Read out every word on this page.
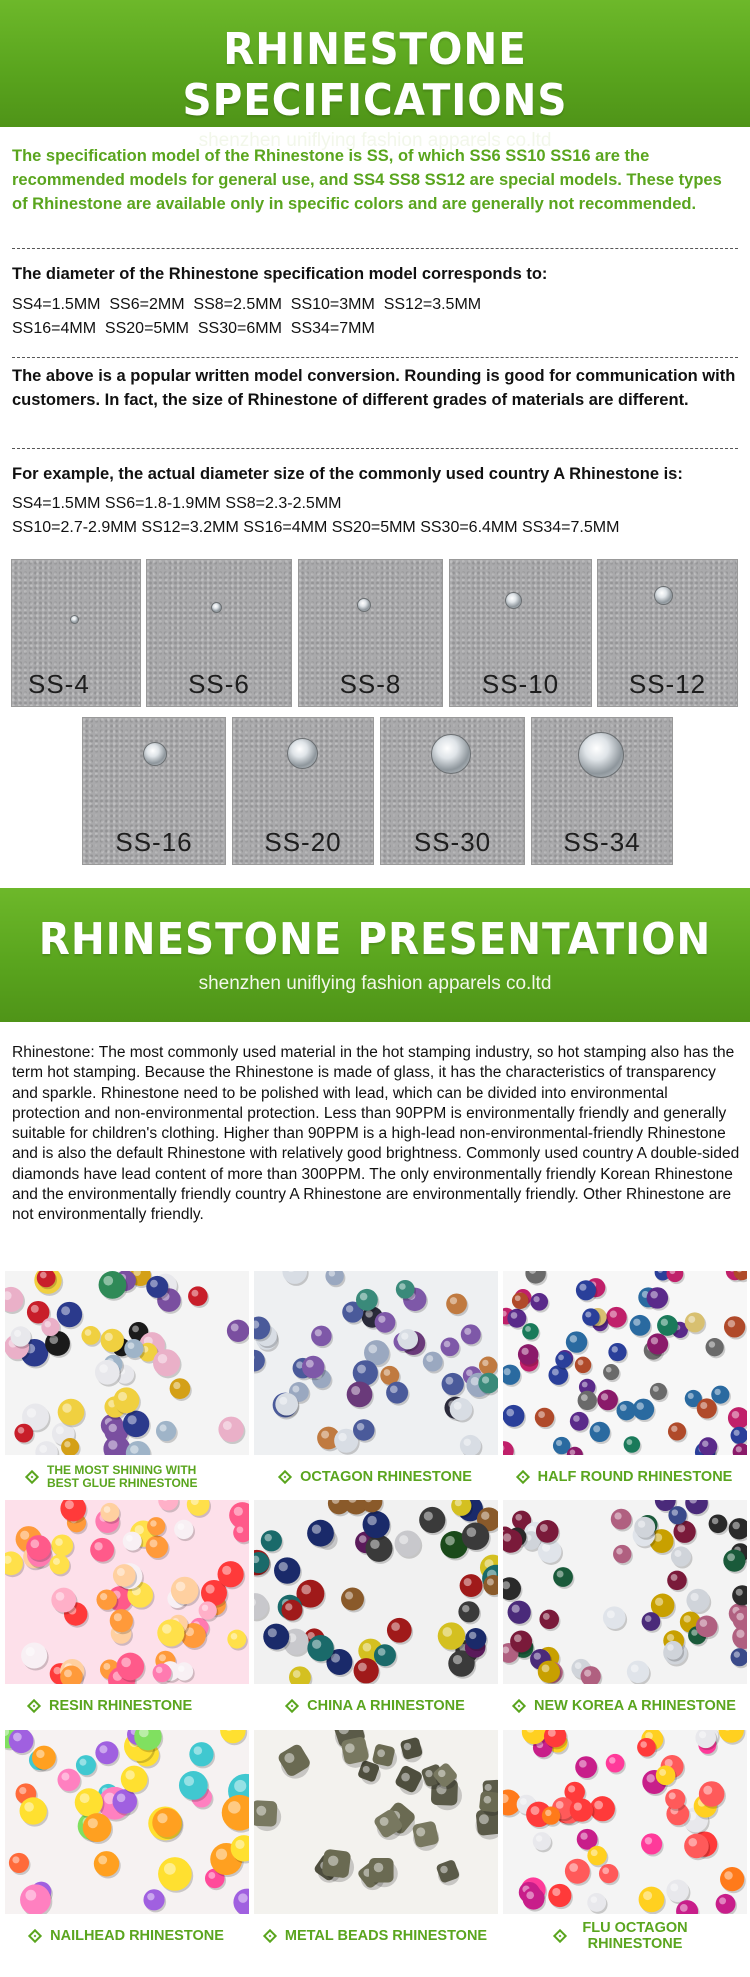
RHINESTONE SPECIFICATIONS
shenzhen uniflying fashion apparels co.ltd

The specification model of the Rhinestone is SS, of which SS6 SS10 SS16 are the recommended models for general use, and SS4 SS8 SS12 are special models. These types of Rhinestone are available only in specific colors and are generally not recommended.

The diameter of the Rhinestone specification model corresponds to:

SS4=1.5MM  SS6=2MM  SS8=2.5MM  SS10=3MM  SS12=3.5MM

SS16=4MM  SS20=5MM  SS30=6MM  SS34=7MM

The above is a popular written model conversion. Rounding is good for communication with customers. In fact, the size of Rhinestone of different grades of materials are different.

For example, the actual diameter size of the commonly used country A Rhinestone is:

SS4=1.5MM SS6=1.8-1.9MM SS8=2.3-2.5MM

SS10=2.7-2.9MM SS12=3.2MM SS16=4MM SS20=5MM SS30=6.4MM SS34=7.5MM

SS-4	SS-6	SS-8	SS-10	SS-12
SS-16	SS-20	SS-30	SS-34
RHINESTONE PRESENTATION
shenzhen uniflying fashion apparels co.ltd

Rhinestone: The most commonly used material in the hot stamping industry, so hot stamping also has the term hot stamping. Because the Rhinestone is made of glass, it has the characteristics of transparency and sparkle. Rhinestone need to be polished with lead, which can be divided into environmental protection and non-environmental protection. Less than 90PPM is environmentally friendly and generally suitable for children's clothing. Higher than 90PPM is a high-lead non-environmental-friendly Rhinestone and is also the default Rhinestone with relatively good brightness. Commonly used country A double-sided diamonds have lead content of more than 300PPM. The only environmentally friendly Korean Rhinestone and the environmentally friendly country A Rhinestone are environmentally friendly. Other Rhinestone are not environmentally friendly.

THE MOST SHINING WITH BEST GLUE RHINESTONE	OCTAGON RHINESTONE	HALF ROUND RHINESTONE
RESIN RHINESTONE	CHINA A RHINESTONE	NEW KOREA A RHINESTONE
NAILHEAD RHINESTONE	METAL BEADS RHINESTONE	FLU OCTAGON RHINESTONE
